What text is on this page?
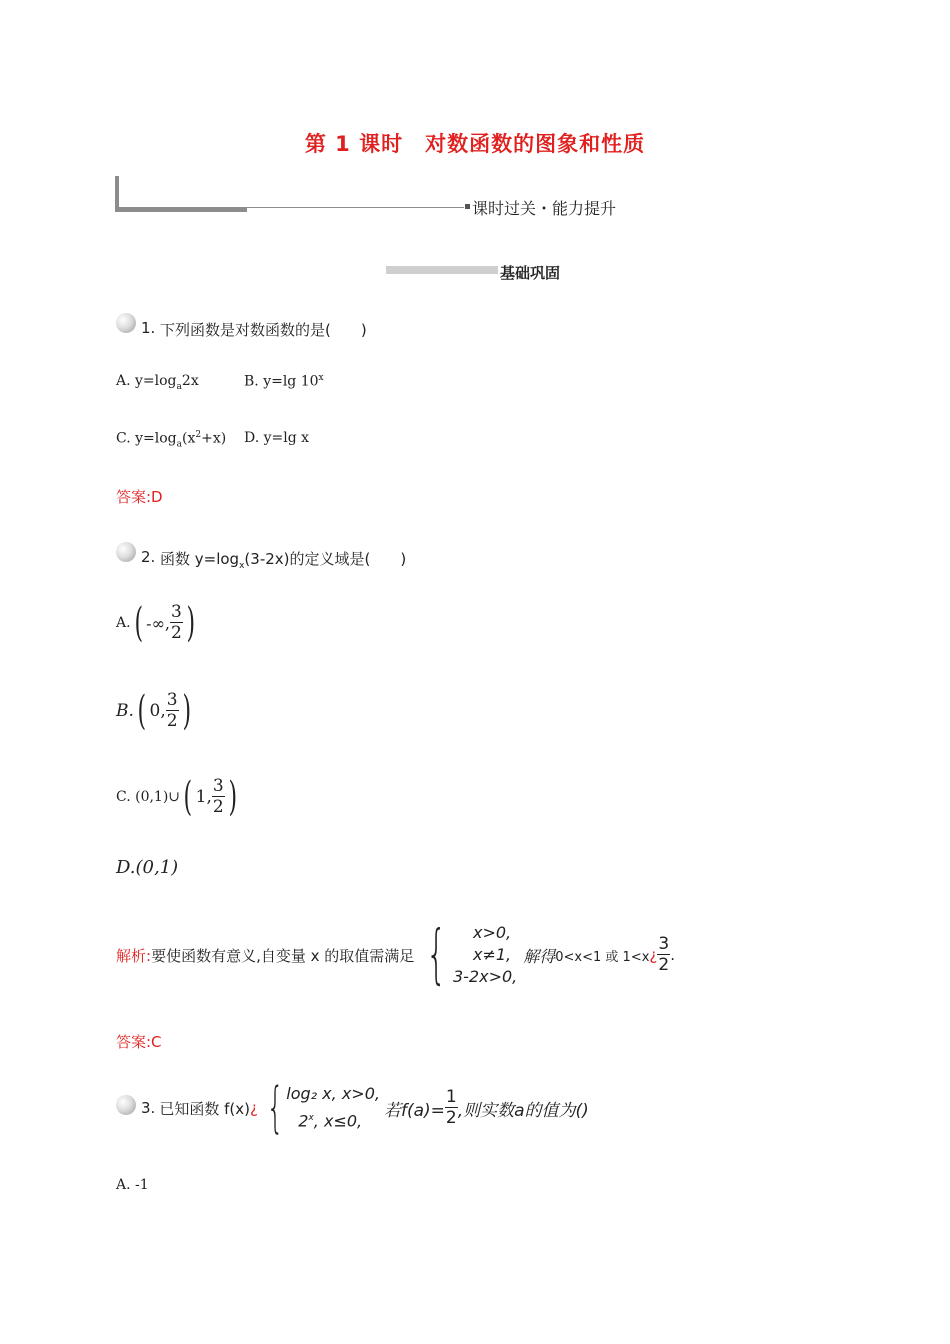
第 1 课时　对数函数的图象和性质
课时过关・能力提升
基础巩固
1. 下列函数是对数函数的是(　　)
A. $y=\log_a2x$	B. y=lg 10$^x$
C. $y=\log_a(x^2+x)$ D. y=lg x
答案:D
2. 函数 $y=\log_x(3-2x)$的定义域是(　　)
A. ( -∞, $\frac{3}{2}$ )
B. ( 0, $\frac{3}{2}$ )
C. (0,1)∪ ( 1, $\frac{3}{2}$ )
D.(0,1)
解析: 要使函数有意义,自变量 x 的取值需满足 {	x>0,
x≠1,
3-2x>0,
解得 0<x<1 或 1<x ¿ $\frac{3}{2}$ .
答案:C
3. 已知函数 f(x) ¿ { log₂ x, x>0,
2$^x$, x≤0,
若$f(a)= \frac{1}{2}$ ,则实数a的值为()
A. -1
